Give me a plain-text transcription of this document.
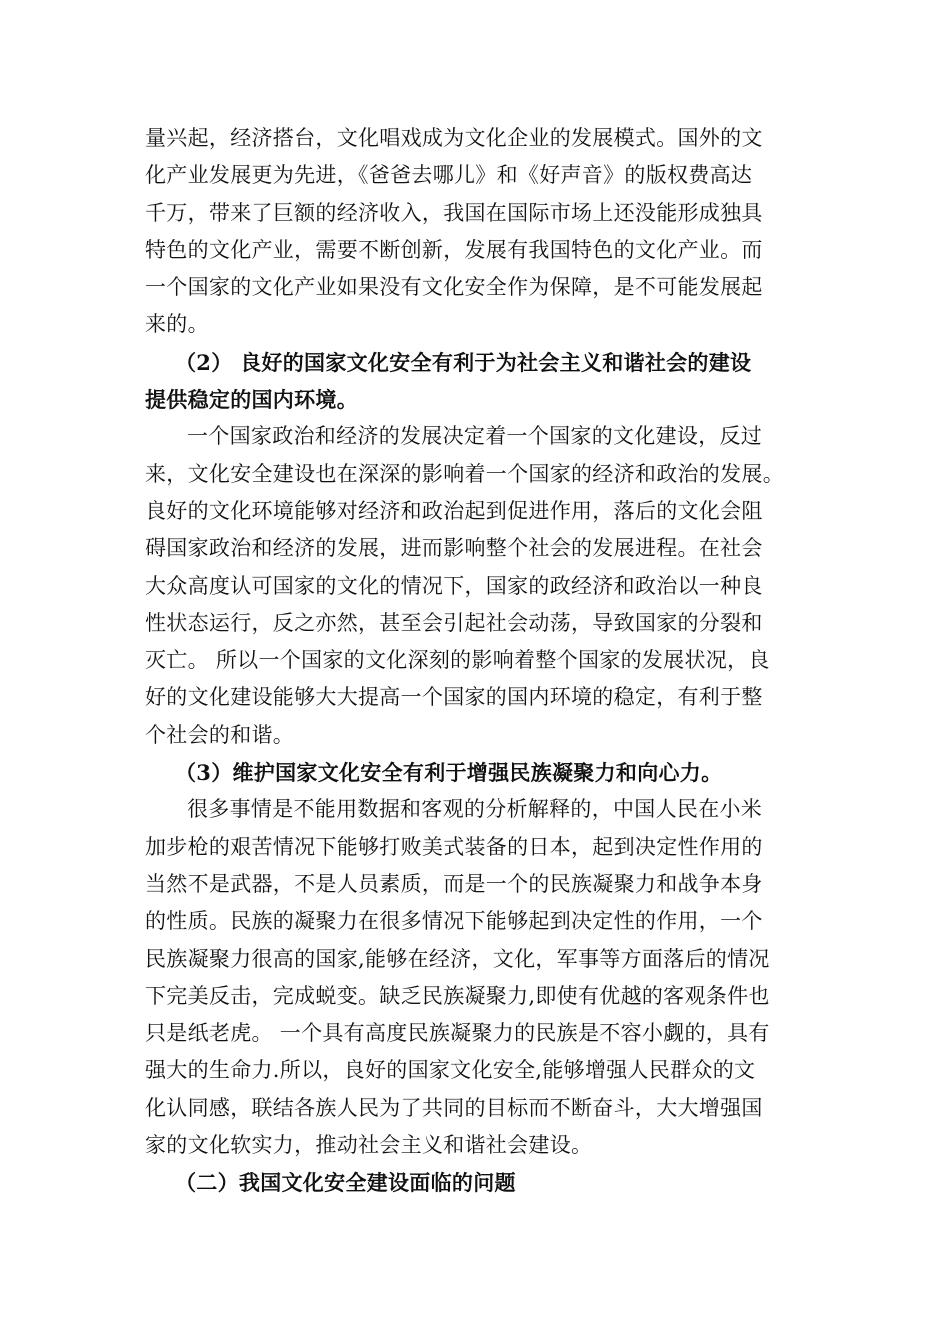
量兴起，经济搭台，文化唱戏成为文化企业的发展模式。国外的文
化产业发展更为先进，《爸爸去哪儿》和《好声音》的版权费高达
千万，带来了巨额的经济收入，我国在国际市场上还没能形成独具
特色的文化产业，需要不断创新，发展有我国特色的文化产业。而
一个国家的文化产业如果没有文化安全作为保障，是不可能发展起
来的。
（2） 良好的国家文化安全有利于为社会主义和谐社会的建设
提供稳定的国内环境。
一个国家政治和经济的发展决定着一个国家的文化建设，反过
来，文化安全建设也在深深的影响着一个国家的经济和政治的发展。
良好的文化环境能够对经济和政治起到促进作用，落后的文化会阻
碍国家政治和经济的发展，进而影响整个社会的发展进程。在社会
大众高度认可国家的文化的情况下，国家的政经济和政治以一种良
性状态运行，反之亦然，甚至会引起社会动荡，导致国家的分裂和
灭亡。 所以一个国家的文化深刻的影响着整个国家的发展状况，良
好的文化建设能够大大提高一个国家的国内环境的稳定，有利于整
个社会的和谐。
（3）维护国家文化安全有利于增强民族凝聚力和向心力。
很多事情是不能用数据和客观的分析解释的，中国人民在小米
加步枪的艰苦情况下能够打败美式装备的日本，起到决定性作用的
当然不是武器，不是人员素质，而是一个的民族凝聚力和战争本身
的性质。民族的凝聚力在很多情况下能够起到决定性的作用，一个
民族凝聚力很高的国家,能够在经济，文化，军事等方面落后的情况
下完美反击，完成蜕变。缺乏民族凝聚力,即使有优越的客观条件也
只是纸老虎。 一个具有高度民族凝聚力的民族是不容小觑的，具有
强大的生命力.所以，良好的国家文化安全,能够增强人民群众的文
化认同感，联结各族人民为了共同的目标而不断奋斗，大大增强国
家的文化软实力，推动社会主义和谐社会建设。
（二）我国文化安全建设面临的问题
